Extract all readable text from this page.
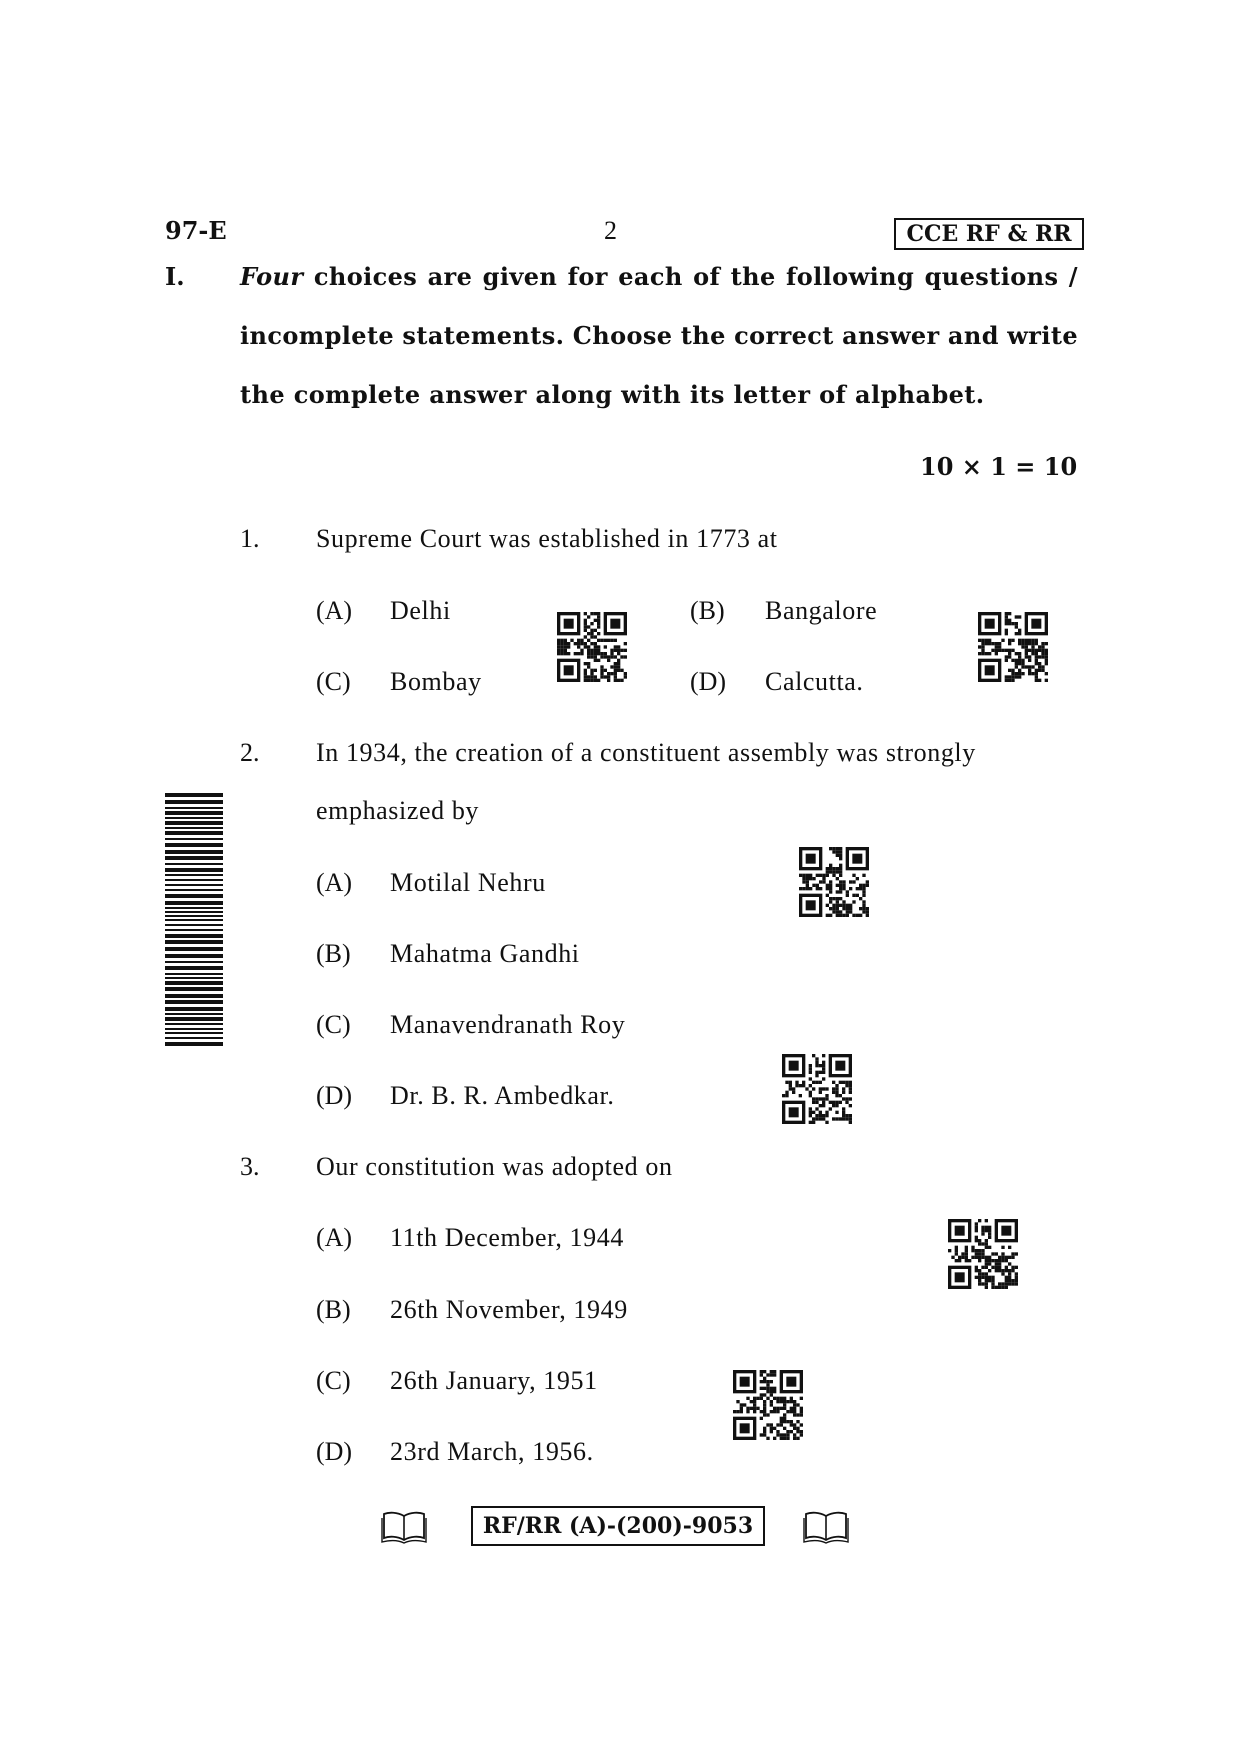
97-E	2	CCE RF & RR
I. Four choices are given for each of the following questions /
incomplete statements. Choose the correct answer and write
the complete answer along with its letter of alphabet.
10 × 1 = 10
1. Supreme Court was established in 1773 at
(A) Delhi	(B) Bangalore
(C) Bombay	(D) Calcutta.
2. In 1934, the creation of a constituent assembly was strongly
emphasized by
(A) Motilal Nehru
(B) Mahatma Gandhi
(C) Manavendranath Roy
(D) Dr. B. R. Ambedkar.
3. Our constitution was adopted on
(A) 11th December, 1944
(B) 26th November, 1949
(C) 26th January, 1951
(D) 23rd March, 1956.
RF/RR (A)-(200)-9053
